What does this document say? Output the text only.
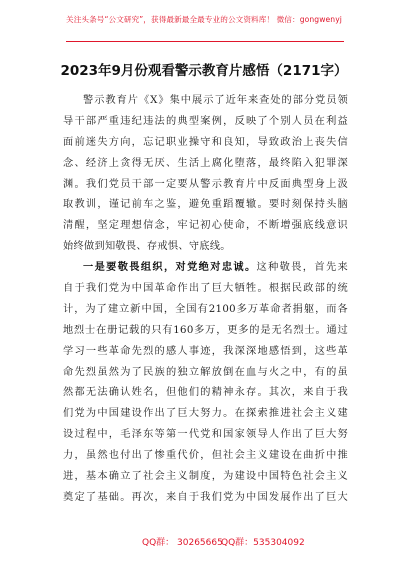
关注头条号“公文研究”，获得最新最全最专业的公文资料库！ 微信：gongwenyj
2023年9月份观看警示教育片感悟（2171字）
警示教育片《X》集中展示了近年来查处的部分党员领
导干部严重违纪违法的典型案例，反映了个别人员在利益
面前迷失方向，忘记职业操守和良知，导致政治上丧失信
念、经济上贪得无厌、生活上腐化堕落，最终陷入犯罪深
渊。我们党员干部一定要从警示教育片中反面典型身上汲
取教训，谨记前车之鉴，避免重蹈覆辙。要时刻保持头脑
清醒，坚定理想信念，牢记初心使命，不断增强底线意识
始终做到知敬畏、存戒惧、守底线。
一是要敬畏组织，对党绝对忠诚。这种敬畏，首先来
自于我们党为中国革命作出了巨大牺牲。根据民政部的统
计，为了建立新中国，全国有2100多万革命者捐躯，而各
地烈士在册记载的只有160多万，更多的是无名烈士。通过
学习一些革命先烈的感人事迹，我深深地感悟到，这些革
命先烈虽然为了民族的独立解放倒在血与火之中，有的虽
然都无法确认姓名，但他们的精神永存。其次，来自于我
们党为中国建设作出了巨大努力。在探索推进社会主义建
设过程中，毛泽东等第一代党和国家领导人作出了巨大努
力，虽然也付出了惨重代价，但社会主义建设在曲折中推
进，基本确立了社会主义制度，为建设中国特色社会主义
奠定了基础。再次，来自于我们党为中国发展作出了巨大
QQ群： 30265665
QQ群：535304092
